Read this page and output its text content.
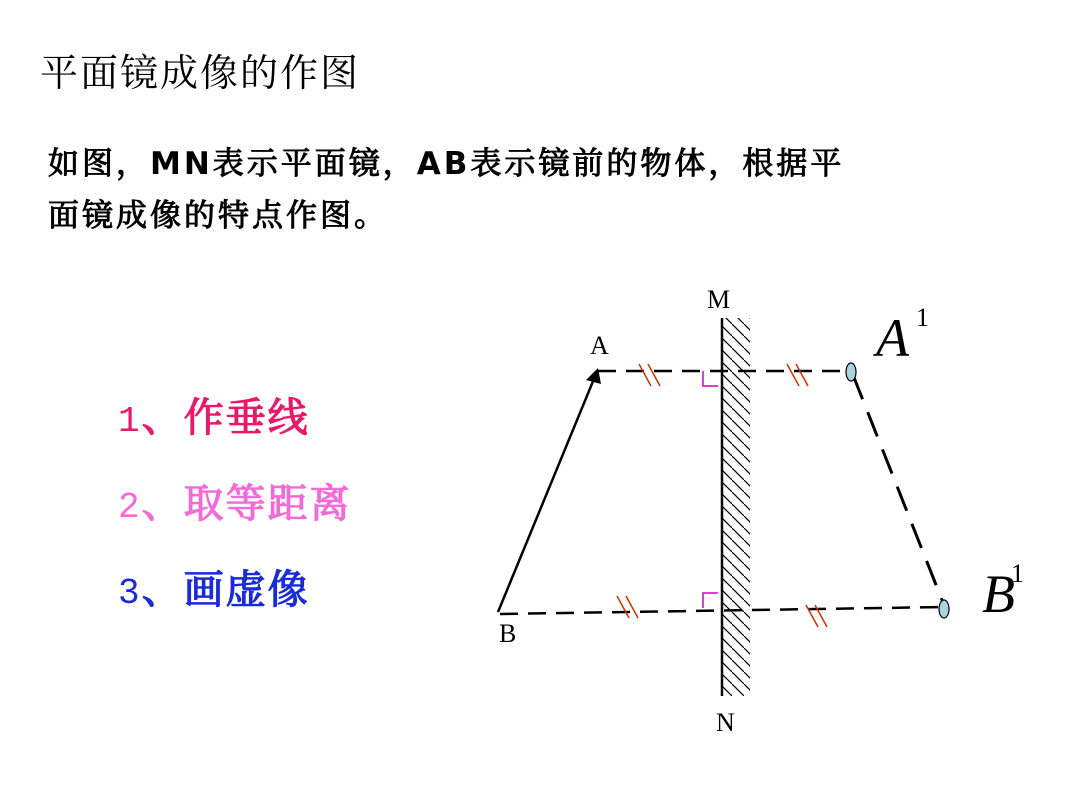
平面镜成像的作图
如图，MN表示平面镜，AB表示镜前的物体，根据平
面镜成像的特点作图。
1、作垂线
2、取等距离
3、画虚像
M
N
A
B
A 1
B
1
